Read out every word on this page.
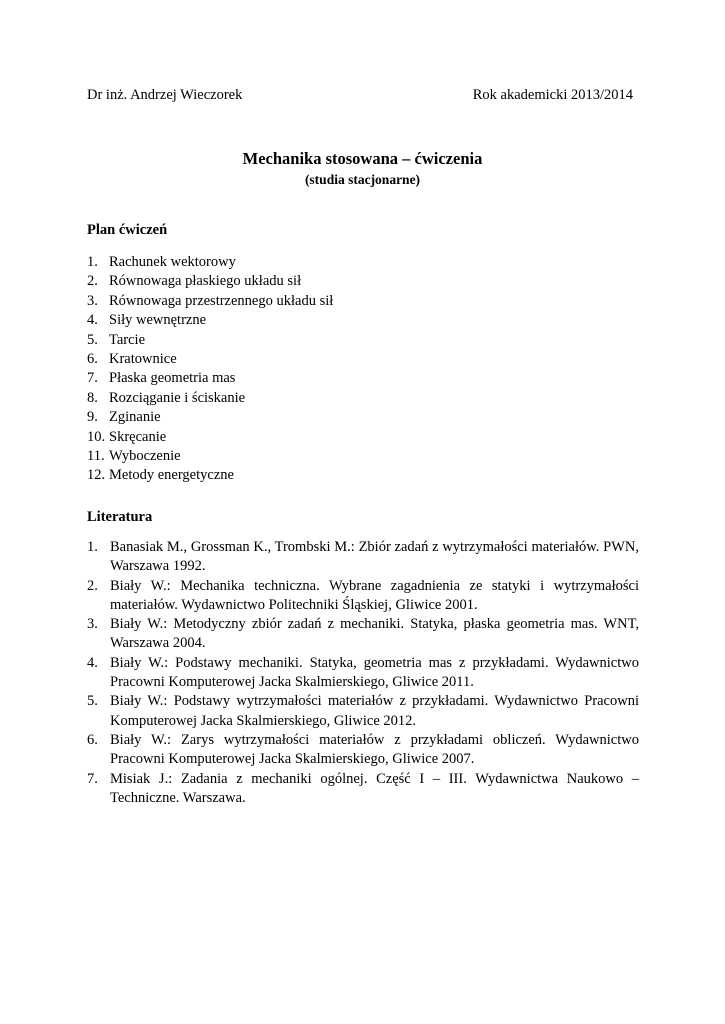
Dr inż. Andrzej Wieczorek	Rok akademicki 2013/2014
Mechanika stosowana – ćwiczenia
(studia stacjonarne)
Plan ćwiczeń
1. Rachunek wektorowy
2. Równowaga płaskiego układu sił
3. Równowaga przestrzennego układu sił
4. Siły wewnętrzne
5. Tarcie
6. Kratownice
7. Płaska geometria mas
8. Rozciąganie i ściskanie
9. Zginanie
10. Skręcanie
11. Wyboczenie
12. Metody energetyczne
Literatura
1. Banasiak M., Grossman K., Trombski M.: Zbiór zadań z wytrzymałości materiałów. PWN, Warszawa 1992.
2. Biały W.: Mechanika techniczna. Wybrane zagadnienia ze statyki i wytrzymałości materiałów. Wydawnictwo Politechniki Śląskiej, Gliwice 2001.
3. Biały W.: Metodyczny zbiór zadań z mechaniki. Statyka, płaska geometria mas. WNT, Warszawa 2004.
4. Biały W.: Podstawy mechaniki. Statyka, geometria mas z przykładami. Wydawnictwo Pracowni Komputerowej Jacka Skalmierskiego, Gliwice 2011.
5. Biały W.: Podstawy wytrzymałości materiałów z przykładami. Wydawnictwo Pracowni Komputerowej Jacka Skalmierskiego, Gliwice 2012.
6. Biały W.: Zarys wytrzymałości materiałów z przykładami obliczeń. Wydawnictwo Pracowni Komputerowej Jacka Skalmierskiego, Gliwice 2007.
7. Misiak J.: Zadania z mechaniki ogólnej. Część I – III. Wydawnictwa Naukowo – Techniczne. Warszawa.
